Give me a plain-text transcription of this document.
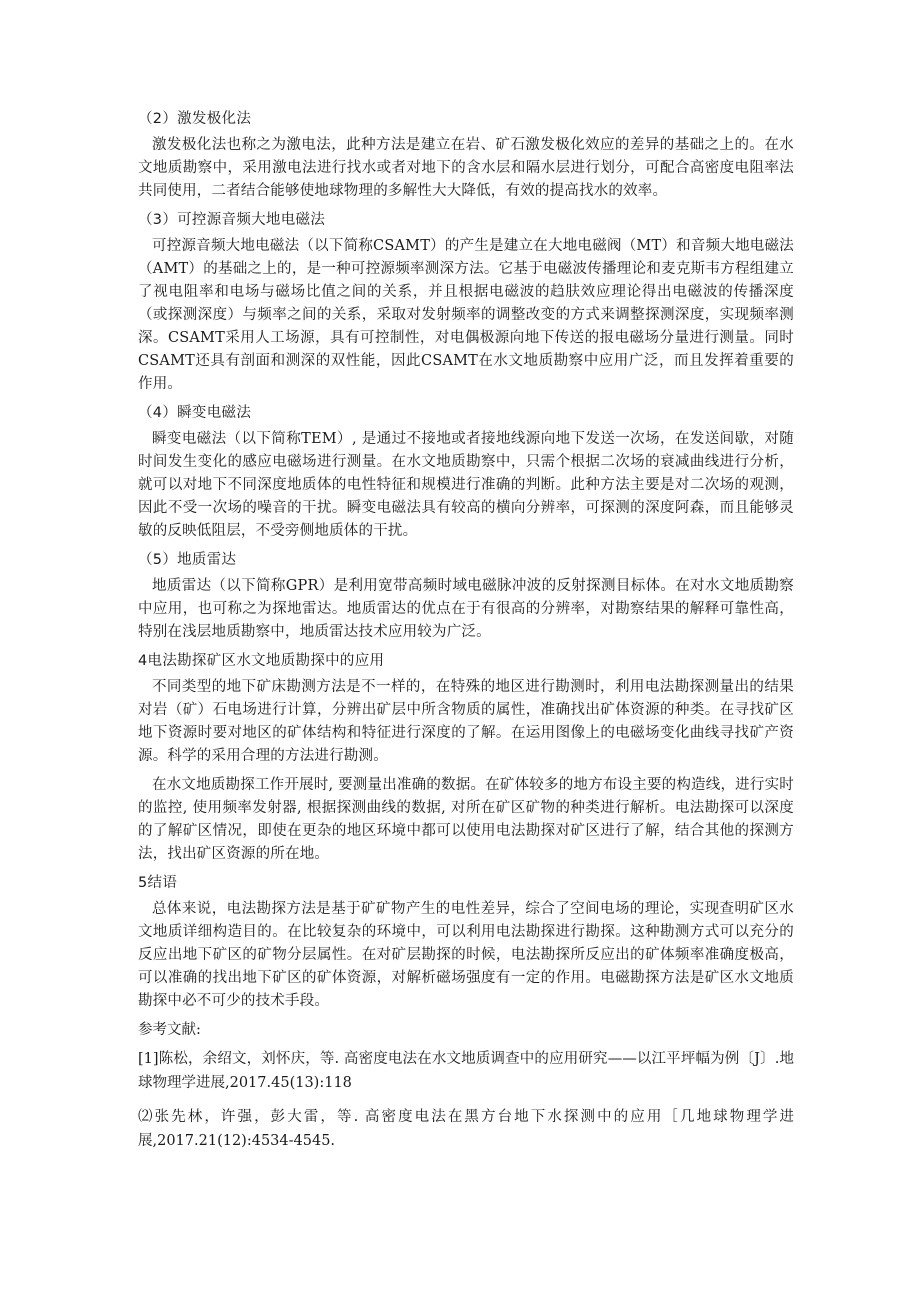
（2）激发极化法

激发极化法也称之为激电法，此种方法是建立在岩、矿石激发极化效应的差异的基础之上的。在水文地质勘察中，采用激电法进行找水或者对地下的含水层和隔水层进行划分，可配合高密度电阻率法共同使用，二者结合能够使地球物理的多解性大大降低，有效的提高找水的效率。

（3）可控源音频大地电磁法

可控源音频大地电磁法（以下简称CSAMT）的产生是建立在大地电磁阀（MT）和音频大地电磁法（AMT）的基础之上的，是一种可控源频率测深方法。它基于电磁波传播理论和麦克斯韦方程组建立了视电阻率和电场与磁场比值之间的关系，并且根据电磁波的趋肤效应理论得出电磁波的传播深度（或探测深度）与频率之间的关系，采取对发射频率的调整改变的方式来调整探测深度，实现频率测深。CSAMT采用人工场源，具有可控制性，对电偶极源向地下传送的报电磁场分量进行测量。同时CSAMT还具有剖面和测深的双性能，因此CSAMT在水文地质勘察中应用广泛，而且发挥着重要的作用。

（4）瞬变电磁法

瞬变电磁法（以下简称TEM）, 是通过不接地或者接地线源向地下发送一次场，在发送间歇，对随时间发生变化的感应电磁场进行测量。在水文地质勘察中，只需个根据二次场的衰减曲线进行分析，就可以对地下不同深度地质体的电性特征和规模进行准确的判断。此种方法主要是对二次场的观测，因此不受一次场的噪音的干扰。瞬变电磁法具有较高的横向分辨率，可探测的深度阿森，而且能够灵敏的反映低阻层，不受旁侧地质体的干扰。

（5）地质雷达

地质雷达（以下简称GPR）是利用宽带高频时域电磁脉冲波的反射探测目标体。在对水文地质勘察中应用，也可称之为探地雷达。地质雷达的优点在于有很高的分辨率，对勘察结果的解释可靠性高，特别在浅层地质勘察中，地质雷达技术应用较为广泛。

4电法勘探矿区水文地质勘探中的应用

不同类型的地下矿床勘测方法是不一样的，在特殊的地区进行勘测时，利用电法勘探测量出的结果对岩（矿）石电场进行计算，分辨出矿层中所含物质的属性，准确找出矿体资源的种类。在寻找矿区地下资源时要对地区的矿体结构和特征进行深度的了解。在运用图像上的电磁场变化曲线寻找矿产资源。科学的采用合理的方法进行勘测。

在水文地质勘探工作开展时, 要测量出准确的数据。在矿体较多的地方布设主要的构造线，进行实时的监控, 使用频率发射器, 根据探测曲线的数据, 对所在矿区矿物的种类进行解析。电法勘探可以深度的了解矿区情况，即使在更杂的地区环境中都可以使用电法勘探对矿区进行了解，结合其他的探测方法，找出矿区资源的所在地。

5结语

总体来说，电法勘探方法是基于矿矿物产生的电性差异，综合了空间电场的理论，实现查明矿区水文地质详细构造目的。在比较复杂的环境中，可以利用电法勘探进行勘探。这种勘测方式可以充分的反应出地下矿区的矿物分层属性。在对矿层勘探的时候，电法勘探所反应出的矿体频率准确度极高，可以准确的找出地下矿区的矿体资源，对解析磁场强度有一定的作用。电磁勘探方法是矿区水文地质勘探中必不可少的技术手段。

参考文献:

[1]陈松，余绍文，刘怀庆，等. 高密度电法在水文地质调查中的应用研究——以江平坪幅为例〔J〕.地球物理学进展,2017.45(13):118

⑵张先林，许强，彭大雷，等. 高密度电法在黑方台地下水探测中的应用［几地球物理学进展,2017.21(12):4534-4545.
